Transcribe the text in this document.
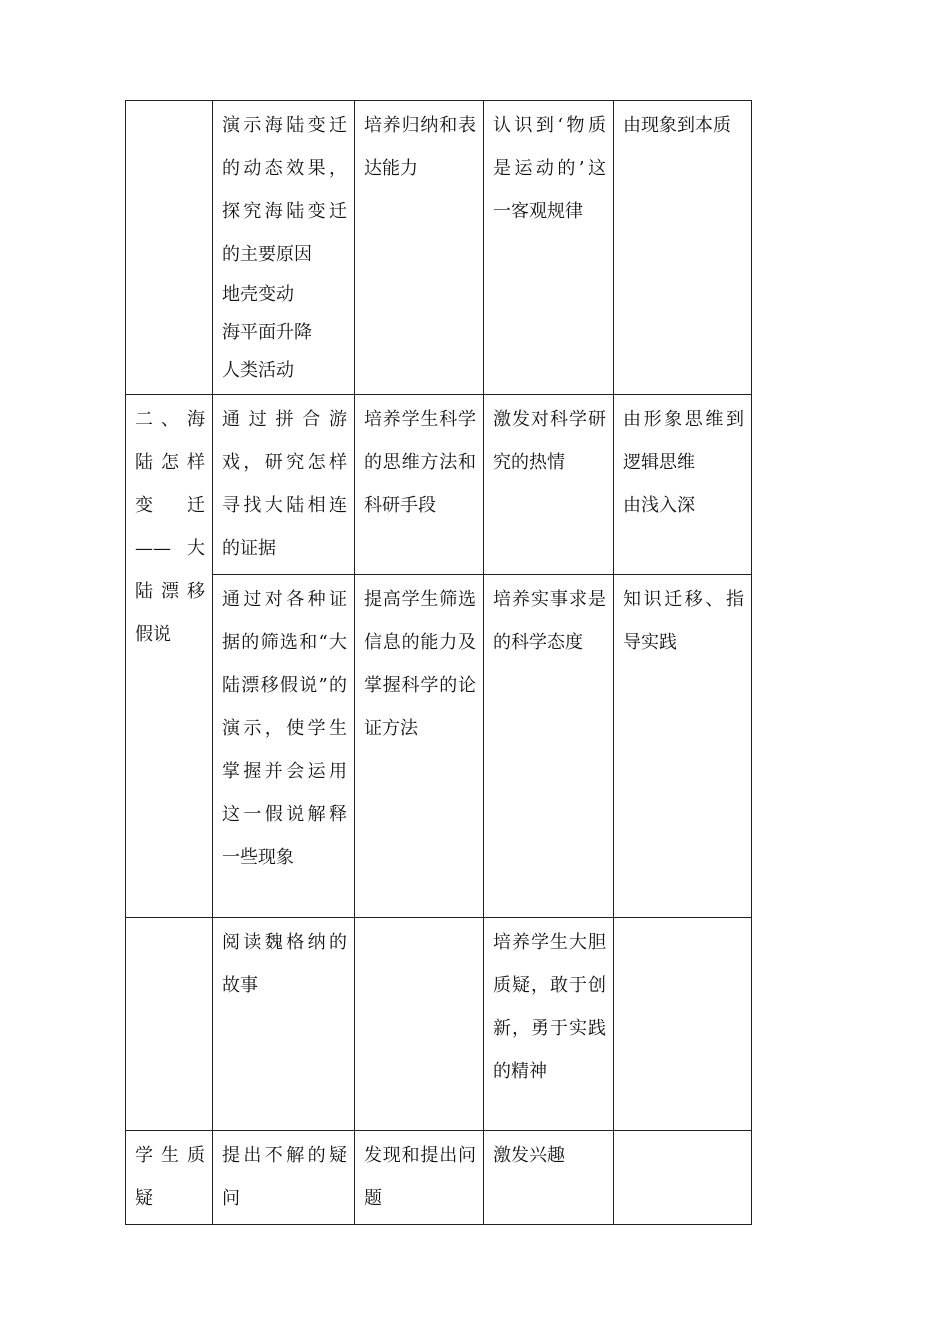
	演示海陆变迁的动态效果，探究海陆变迁的主要原因
地壳变动
海平面升降
人类活动	培养归纳和表达能力	认识到‘物质是运动的’这一客观规律	由现象到本质
二、海陆怎样变迁——大陆漂移假说	通过拼合游戏，研究怎样寻找大陆相连的证据	培养学生科学的思维方法和科研手段	激发对科学研究的热情	由形象思维到逻辑思维
由浅入深

	通过对各种证据的筛选和“大陆漂移假说”的演示，使学生掌握并会运用这一假说解释一些现象	提高学生筛选信息的能力及掌握科学的论证方法	培养实事求是的科学态度	知识迁移、指导实践
	阅读魏格纳的故事		培养学生大胆质疑，敢于创新，勇于实践的精神	
学生质疑	提出不解的疑问	发现和提出问题	激发兴趣	
